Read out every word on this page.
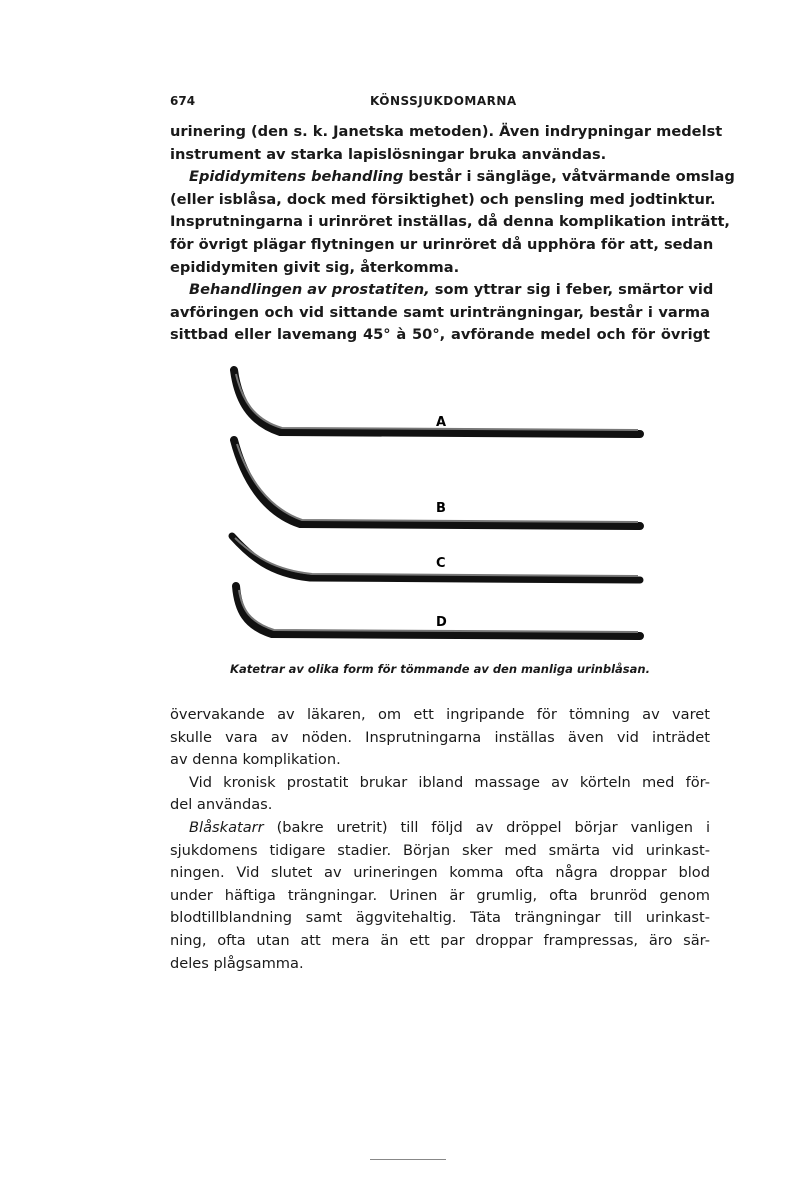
674	KÖNSSJUKDOMARNA
urinering (den s. k. Janetska metoden). Även indrypningar medelst
instrument av starka lapislösningar bruka användas.
Epididymitens behandling består i sängläge, våtvärmande omslag
(eller isblåsa, dock med försiktighet) och pensling med jodtinktur.
Insprutningarna i urinröret inställas, då denna komplikation inträtt,
för övrigt plägar flytningen ur urinröret då upphöra för att, sedan
epididymiten givit sig, återkomma.
Behandlingen av prostatiten, som yttrar sig i feber, smärtor vid
avföringen och vid sittande samt urinträngningar, består i varma
sittbad eller lavemang 45° à 50°, avförande medel och för övrigt
A
B
C
D
Katetrar av olika form för tömmande av den manliga urinblåsan.
övervakande av läkaren, om ett ingripande för tömning av varet
skulle vara av nöden. Insprutningarna inställas även vid inträdet
av denna komplikation.
Vid kronisk prostatit brukar ibland massage av körteln med för-
del användas.
Blåskatarr (bakre uretrit) till följd av dröppel börjar vanligen i
sjukdomens tidigare stadier. Början sker med smärta vid urinkast-
ningen. Vid slutet av urineringen komma ofta några droppar blod
under häftiga trängningar. Urinen är grumlig, ofta brunröd genom
blodtillblandning samt äggvitehaltig. Täta trängningar till urinkast-
ning, ofta utan att mera än ett par droppar frampressas, äro sär-
deles plågsamma.
